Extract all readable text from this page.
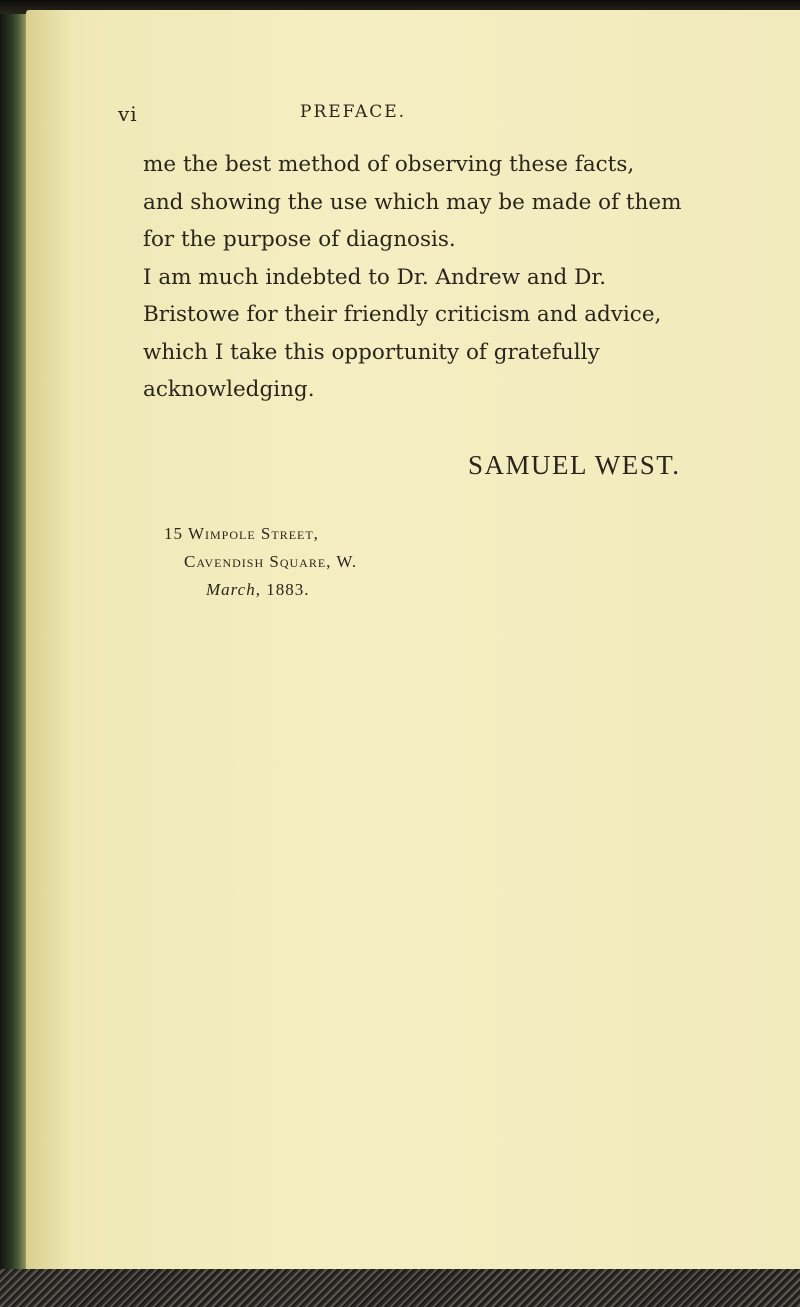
vi	PREFACE.

me the best method of observing these facts,

and showing the use which may be made of them

for the purpose of diagnosis.

I am much indebted to Dr. Andrew and Dr.

Bristowe for their friendly criticism and advice,

which I take this opportunity of gratefully

acknowledging.

SAMUEL WEST.
15 Wimpole Street,
Cavendish Square, W.
March, 1883.
